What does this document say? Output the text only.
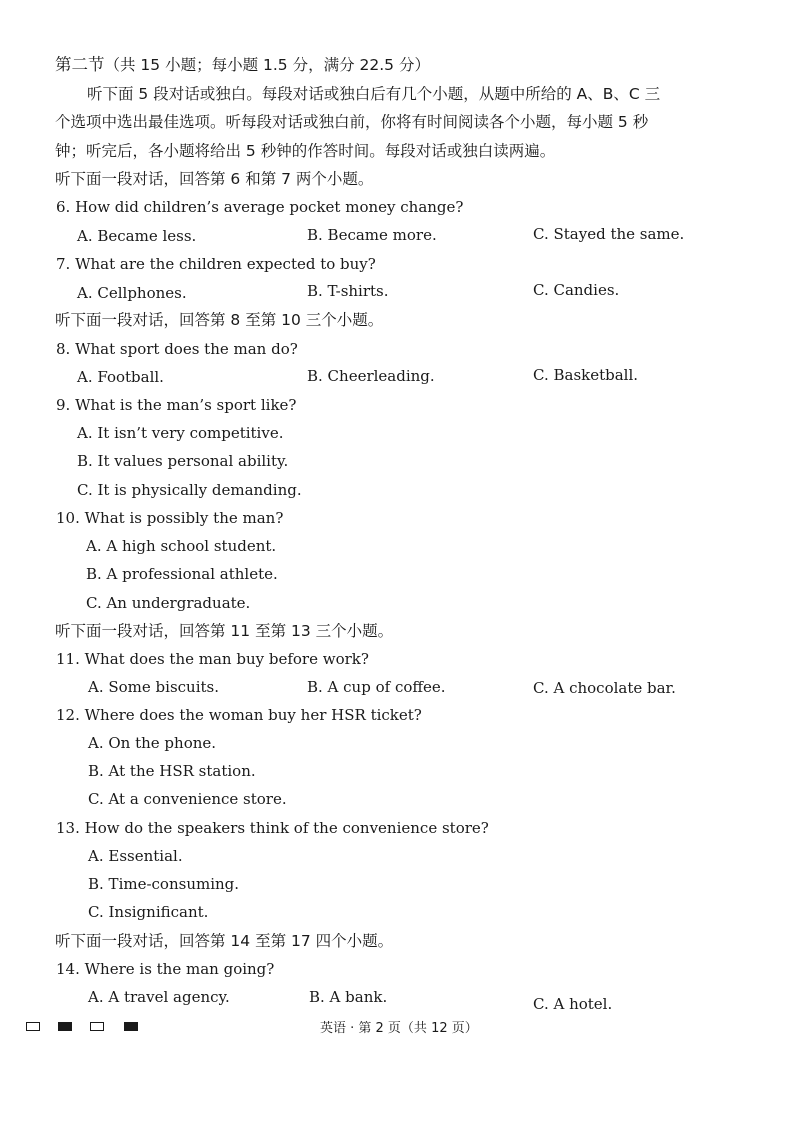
第二节（共 15 小题；每小题 1.5 分，满分 22.5 分）
听下面 5 段对话或独白。每段对话或独白后有几个小题，从题中所给的 A、B、C 三
个选项中选出最佳选项。听每段对话或独白前，你将有时间阅读各个小题，每小题 5 秒
钟；听完后，各小题将给出 5 秒钟的作答时间。每段对话或独白读两遍。
听下面一段对话，回答第 6 和第 7 两个小题。
6. How did children’s average pocket money change?
A. Became less.	B. Became more.	C. Stayed the same.
7. What are the children expected to buy?
A. Cellphones.	B. T-shirts.	C. Candies.
听下面一段对话，回答第 8 至第 10 三个小题。
8. What sport does the man do?
A. Football.	B. Cheerleading.	C. Basketball.
9. What is the man’s sport like?
A. It isn’t very competitive.
B. It values personal ability.
C. It is physically demanding.
10. What is possibly the man?
A. A high school student.
B. A professional athlete.
C. An undergraduate.
听下面一段对话，回答第 11 至第 13 三个小题。
11. What does the man buy before work?
A. Some biscuits.	B. A cup of coffee.	C. A chocolate bar.
12. Where does the woman buy her HSR ticket?
A. On the phone.
B. At the HSR station.
C. At a convenience store.
13. How do the speakers think of the convenience store?
A. Essential.
B. Time-consuming.
C. Insignificant.
听下面一段对话，回答第 14 至第 17 四个小题。
14. Where is the man going?
A. A travel agency.	B. A bank.	C. A hotel.
英语 · 第 2 页（共 12 页）
